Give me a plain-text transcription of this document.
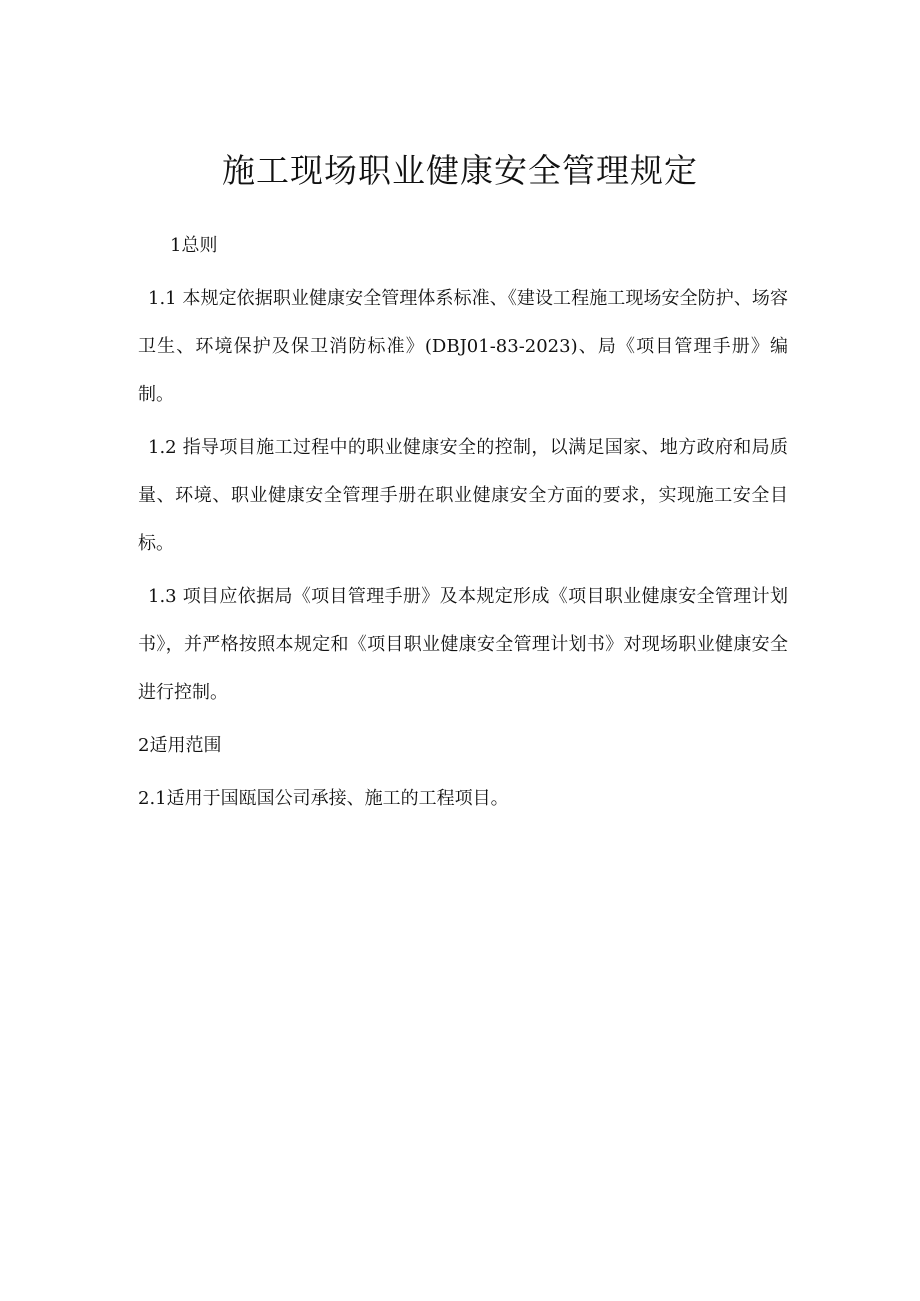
施工现场职业健康安全管理规定

1总则

1.1 本规定依据职业健康安全管理体系标准、《建设工程施工现场安全防护、场容卫生、环境保护及保卫消防标准》(DBJ01-83-2023)、局《项目管理手册》编制。

1.2 指导项目施工过程中的职业健康安全的控制，以满足国家、地方政府和局质量、环境、职业健康安全管理手册在职业健康安全方面的要求，实现施工安全目标。

1.3 项目应依据局《项目管理手册》及本规定形成《项目职业健康安全管理计划书》，并严格按照本规定和《项目职业健康安全管理计划书》对现场职业健康安全进行控制。

2适用范围

2.1适用于国瓯国公司承接、施工的工程项目。
